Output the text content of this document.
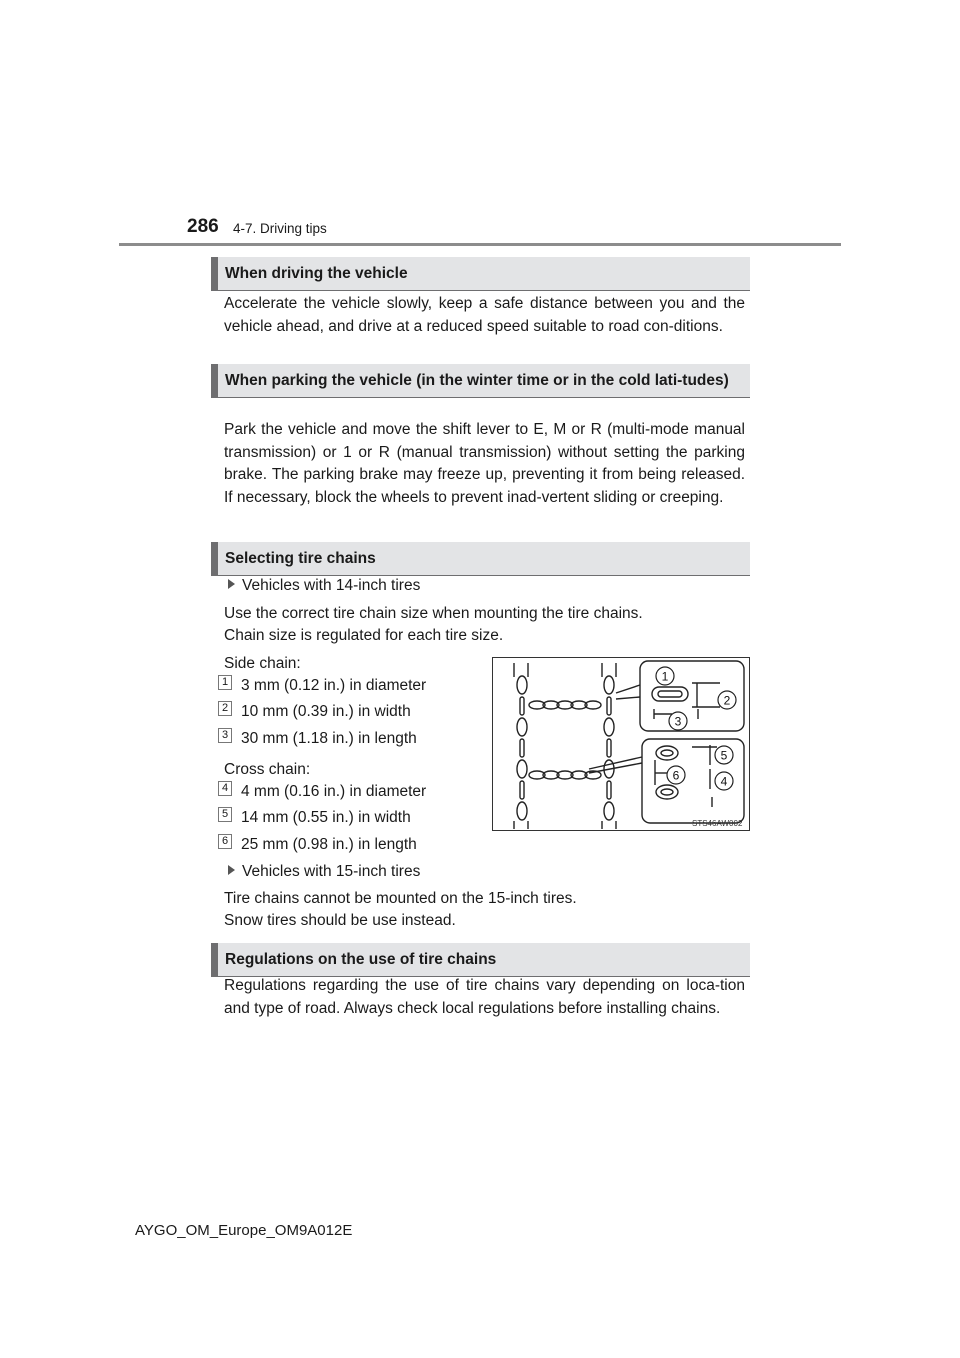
286 4-7. Driving tips
When driving the vehicle

Accelerate the vehicle slowly, keep a safe distance between you and the vehicle ahead, and drive at a reduced speed suitable to road con-ditions.

When parking the vehicle (in the winter time or in the cold lati-tudes)

Park the vehicle and move the shift lever to E, M or R (multi-mode manual transmission) or 1 or R (manual transmission) without setting the parking brake. The parking brake may freeze up, preventing it from being released. If necessary, block the wheels to prevent inad-vertent sliding or creeping.

Selecting tire chains
Vehicles with 14-inch tires
Use the correct tire chain size when mounting the tire chains.
Chain size is regulated for each tire size.
Side chain:
1 3 mm (0.12 in.) in diameter
2 10 mm (0.39 in.) in width
3 30 mm (1.18 in.) in length
Cross chain:
4 4 mm (0.16 in.) in diameter
5 14 mm (0.55 in.) in width
6 25 mm (0.98 in.) in length
Vehicles with 15-inch tires
Tire chains cannot be mounted on the 15-inch tires.
Snow tires should be use instead.
1
2
3
5
6	4
STS46AW002
Regulations on the use of tire chains

Regulations regarding the use of tire chains vary depending on loca-tion and type of road. Always check local regulations before installing chains.

AYGO_OM_Europe_OM9A012E
